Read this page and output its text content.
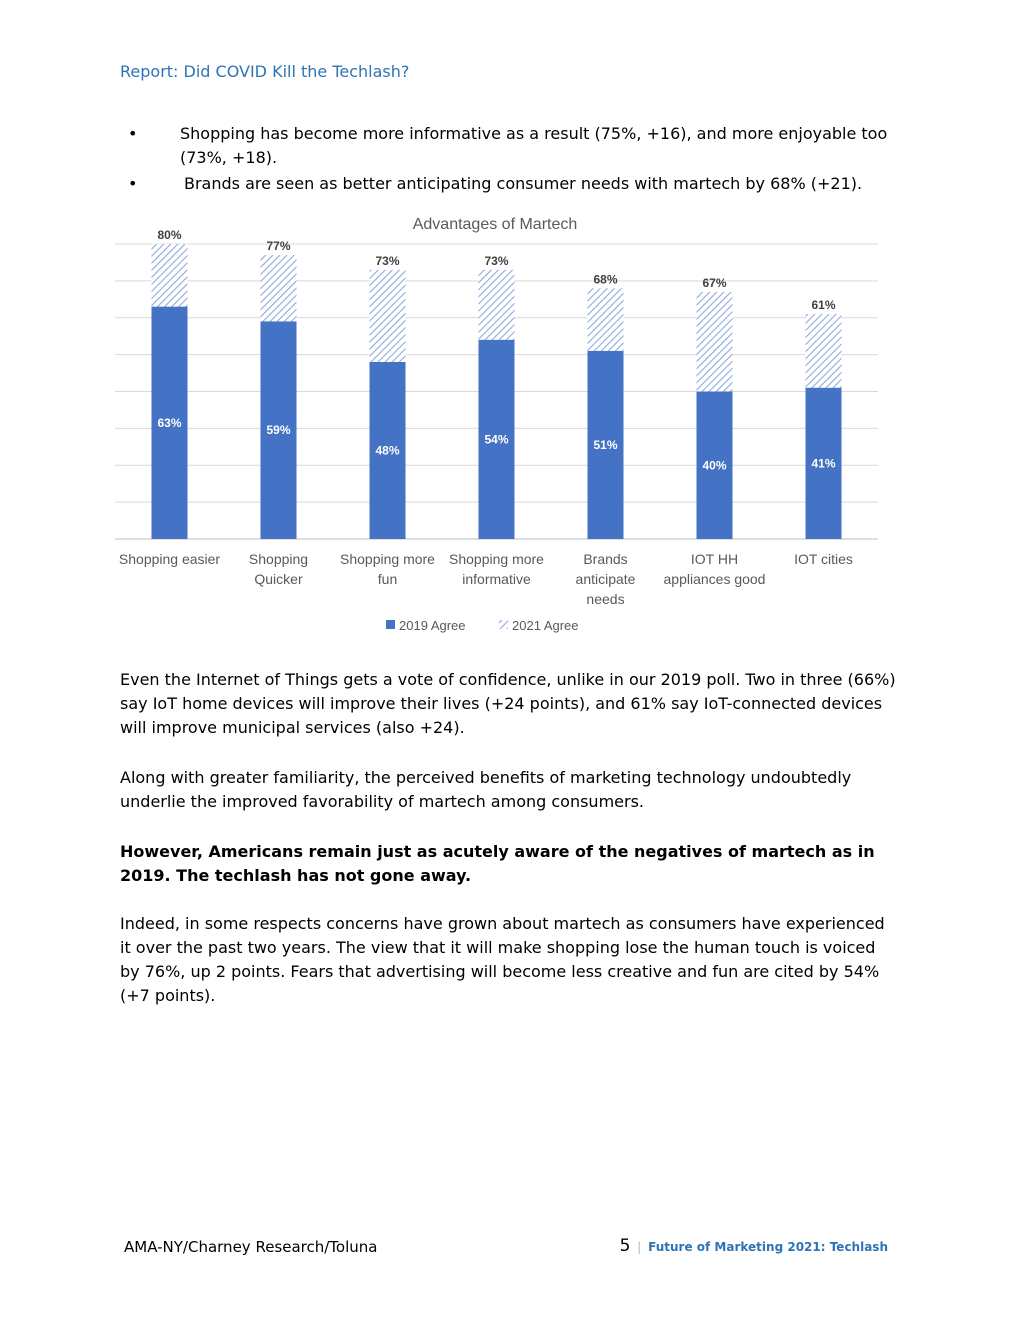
Report: Did COVID Kill the Techlash?
•	Shopping has become more informative as a result (75%, +16), and more enjoyable too (73%, +18).
•	Brands are seen as better anticipating consumer needs with martech by 68% (+21).
Advantages of Martech
80%
63%
77%
59%
73%
48%
73%
54%
68%
51%
67%
40%
61%
41%
Shopping easier Shopping
Quicker
Shopping more
fun
Shopping more
informative
Brands
anticipate
needs
IOT HH
appliances good
IOT cities
2019 Agree	2021 Agree
Even the Internet of Things gets a vote of confidence, unlike in our 2019 poll. Two in three (66%) say IoT home devices will improve their lives (+24 points), and 61% say IoT-connected devices will improve municipal services (also +24).
Along with greater familiarity, the perceived benefits of marketing technology undoubtedly underlie the improved favorability of martech among consumers.
However, Americans remain just as acutely aware of the negatives of martech as in 2019. The techlash has not gone away.
Indeed, in some respects concerns have grown about martech as consumers have experienced it over the past two years. The view that it will make shopping lose the human touch is voiced by 76%, up 2 points. Fears that advertising will become less creative and fun are cited by 54% (+7 points).
AMA-NY/Charney Research/Toluna	5 | Future of Marketing 2021: Techlash
